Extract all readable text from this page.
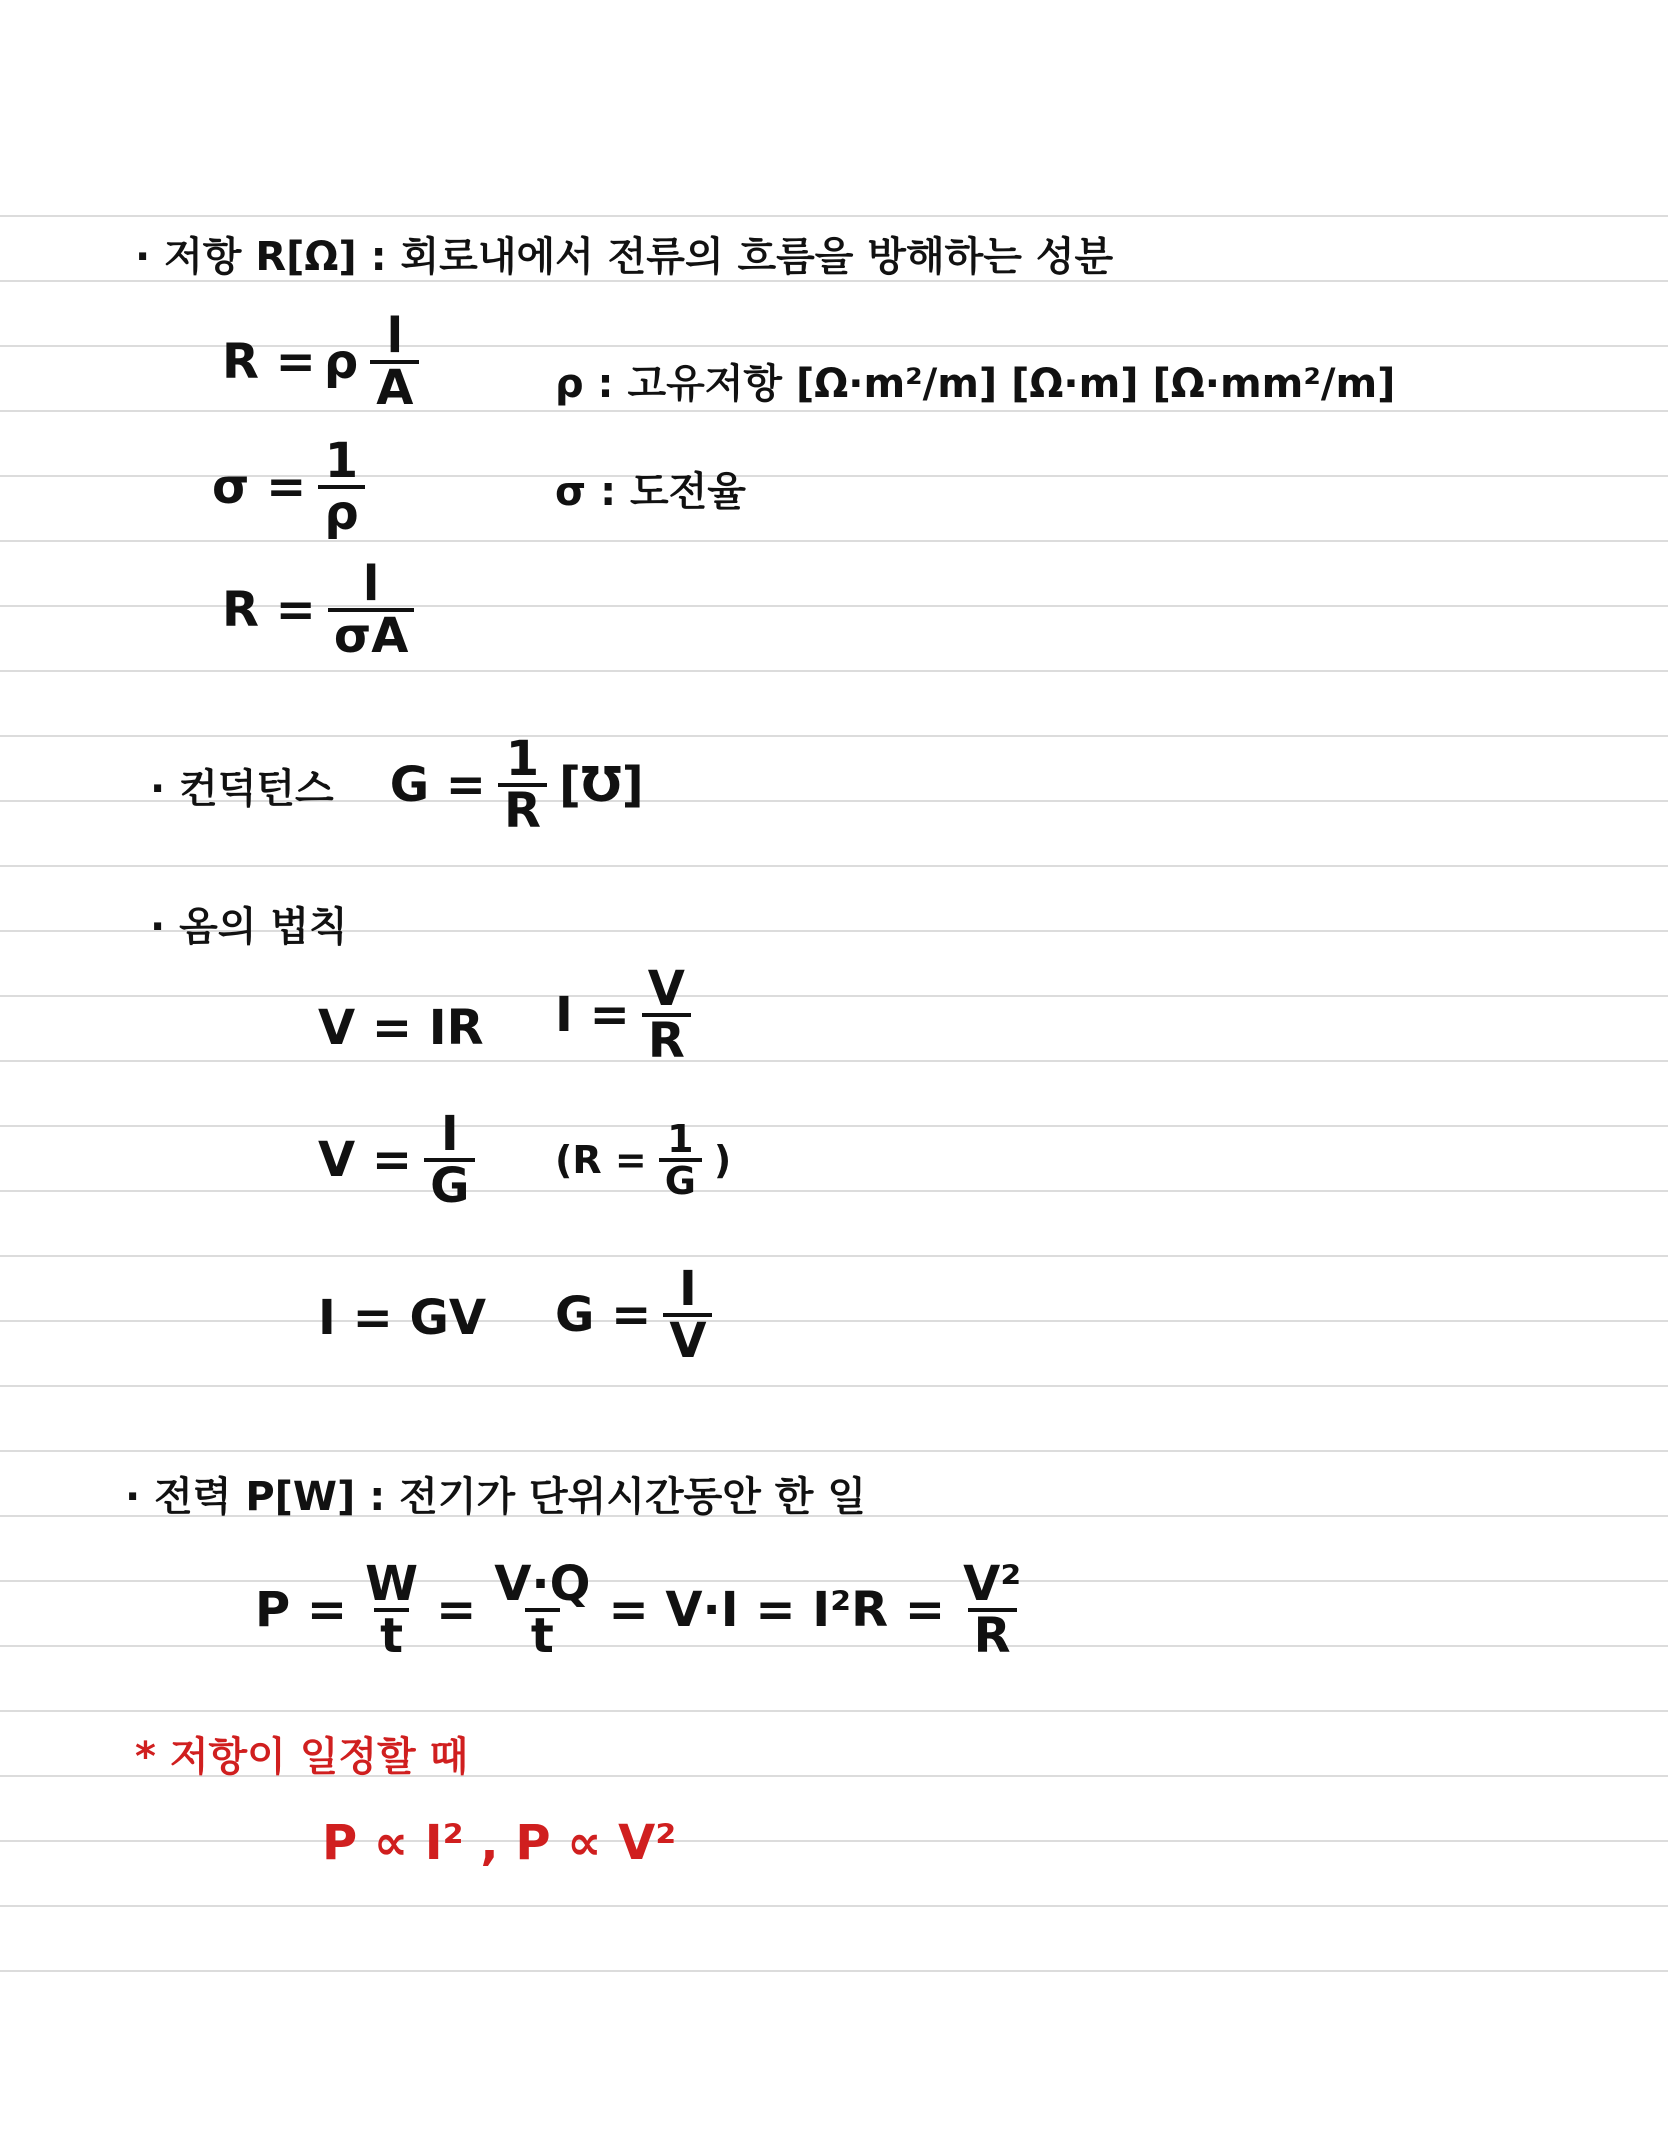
· 저항 R[Ω] : 회로내에서 전류의 흐름을 방해하는 성분
R = ρ $\frac{l}{A}$	ρ : 고유저항 [Ω·m²/m] [Ω·m] [Ω·mm²/m]
$\sigma = \frac{1}{\rho}$	σ : 도전율
$R = \frac{l}{\sigma A}$
· 컨덕턴스 $G = \frac{1}{R}$ [℧]
· 옴의 법칙
V = IR $I = \frac{V}{R}$
$V = \frac{I}{G} (R = \frac{1}{G}$ )
I = GV $G = \frac{I}{V}$
· 전력 P[W] : 전기가 단위시간동안 한 일
$P = \frac{W}{t} = \frac{V\cdot Q}{t} = V\cdot I = I^2R = \frac{\text{V²}}{R}$
* 저항이 일정할 때
P ∝ I² , P ∝ V²
